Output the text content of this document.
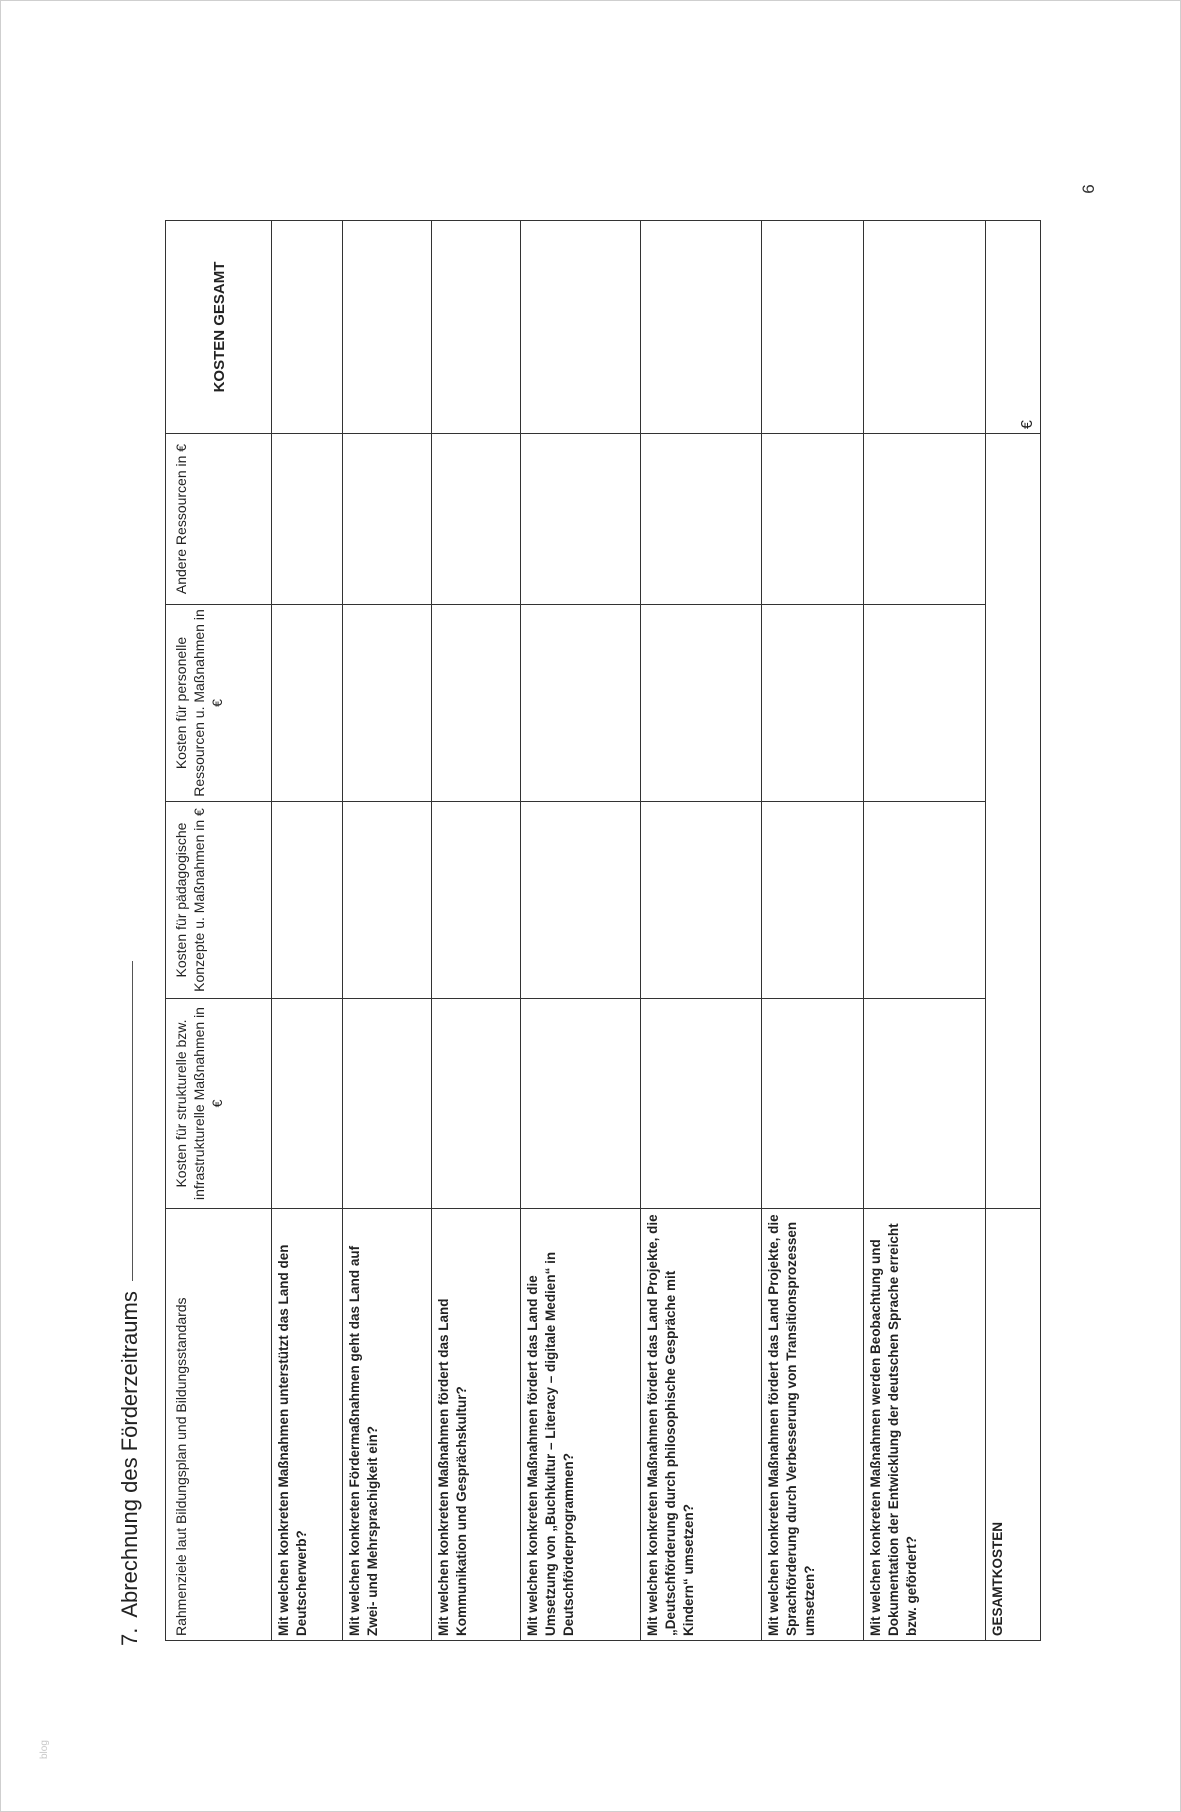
9
blog
7.Abrechnung des Förderzeitraums	Rahmenziele laut Bildungsplan und Bildungsstandards	Kosten für strukturelle bzw. infrastrukturelle Maßnahmen in €	Kosten für pädagogische Konzepte u. Maßnahmen in €	Kosten für personelle Ressourcen u. Maßnahmen in €	Andere Ressourcen in €	KOSTEN GESAMT
Mit welchen konkreten Maßnahmen unterstützt das Land den Deutscherwerb?					
Mit welchen konkreten Fördermaßnahmen geht das Land auf Zwei- und Mehrsprachigkeit ein?					
Mit welchen konkreten Maßnahmen fördert das Land Kommunikation und Gesprächskultur?					
Mit welchen konkreten Maßnahmen fördert das Land die Umsetzung von „Buchkultur – Literacy – digitale Medien“ in Deutschförderprogrammen?					
Mit welchen konkreten Maßnahmen fördert das Land Projekte, die „Deutschförderung durch philosophische Gespräche mit Kindern“ umsetzen?					
Mit welchen konkreten Maßnahmen fördert das Land Projekte, die Sprachförderung durch Verbesserung von Transitionsprozessen umsetzen?					
Mit welchen konkreten Maßnahmen werden Beobachtung und Dokumentation der Entwicklung der deutschen Sprache erreicht bzw. gefördert?					
GESAMTKOSTEN					€
